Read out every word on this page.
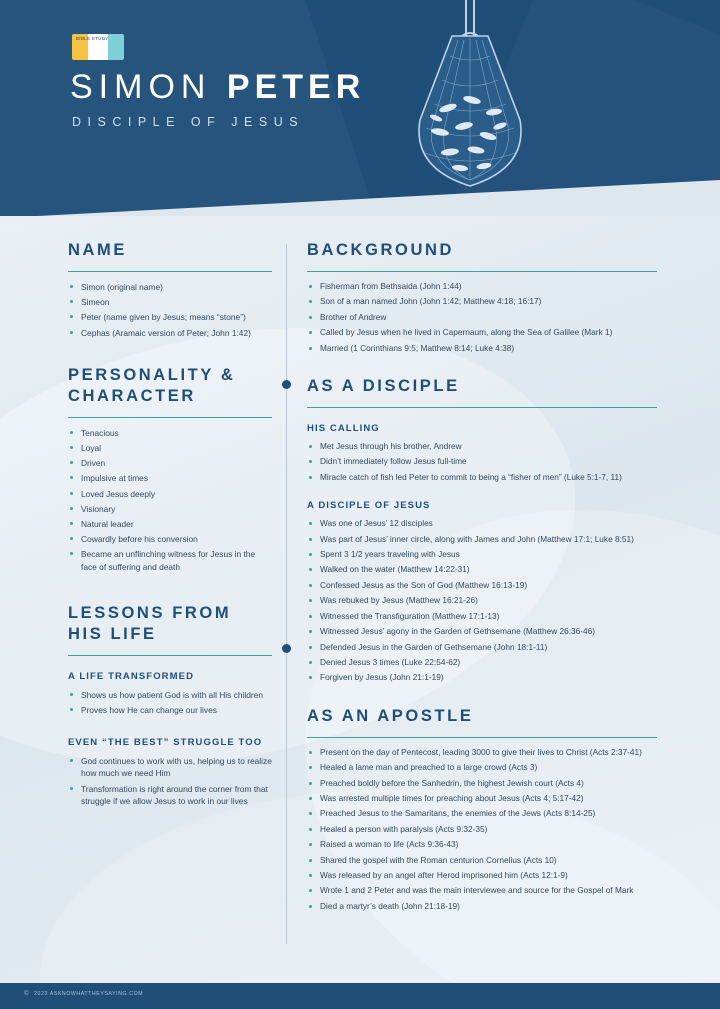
BIBLE STUDY
SIMON PETER
DISCIPLE OF JESUS
NAME
Simon (original name)
Simeon
Peter (name given by Jesus; means “stone”)
Cephas (Aramaic version of Peter; John 1:42)
PERSONALITY & CHARACTER
Tenacious
Loyal
Driven
Impulsive at times
Loved Jesus deeply
Visionary
Natural leader
Cowardly before his conversion
Became an unflinching witness for Jesus in the face of suffering and death
LESSONS FROM HIS LIFE
A LIFE TRANSFORMED
Shows us how patient God is with all His children
Proves how He can change our lives
EVEN “THE BEST” STRUGGLE TOO
God continues to work with us, helping us to realize how much we need Him
Transformation is right around the corner from that struggle if we allow Jesus to work in our lives
BACKGROUND
Fisherman from Bethsaida (John 1:44)
Son of a man named John (John 1:42; Matthew 4:18; 16:17)
Brother of Andrew
Called by Jesus when he lived in Capernaum, along the Sea of Galilee (Mark 1)
Married (1 Corinthians 9:5; Matthew 8:14; Luke 4:38)
AS A DISCIPLE
HIS CALLING
Met Jesus through his brother, Andrew
Didn’t immediately follow Jesus full-time
Miracle catch of fish led Peter to commit to being a “fisher of men” (Luke 5:1-7, 11)
A DISCIPLE OF JESUS
Was one of Jesus’ 12 disciples
Was part of Jesus’ inner circle, along with James and John (Matthew 17:1; Luke 8:51)
Spent 3 1/2 years traveling with Jesus
Walked on the water (Matthew 14:22-31)
Confessed Jesus as the Son of God (Matthew 16:13-19)
Was rebuked by Jesus (Matthew 16:21-26)
Witnessed the Transfiguration (Matthew 17:1-13)
Witnessed Jesus’ agony in the Garden of Gethsemane (Matthew 26:36-46)
Defended Jesus in the Garden of Gethsemane (John 18:1-11)
Denied Jesus 3 times (Luke 22:54-62)
Forgiven by Jesus (John 21:1-19)
AS AN APOSTLE
Present on the day of Pentecost, leading 3000 to give their lives to Christ (Acts 2:37-41)
Healed a lame man and preached to a large crowd (Acts 3)
Preached boldly before the Sanhedrin, the highest Jewish court (Acts 4)
Was arrested multiple times for preaching about Jesus (Acts 4; 5:17-42)
Preached Jesus to the Samaritans, the enemies of the Jews (Acts 8:14-25)
Healed a person with paralysis (Acts 9:32-35)
Raised a woman to life (Acts 9:36-43)
Shared the gospel with the Roman centurion Cornelius (Acts 10)
Was released by an angel after Herod imprisoned him (Acts 12:1-9)
Wrote 1 and 2 Peter and was the main interviewee and source for the Gospel of Mark
Died a martyr’s death (John 21:18-19)
© 2023 ASKNOWHATTHEYSAYING.COM
